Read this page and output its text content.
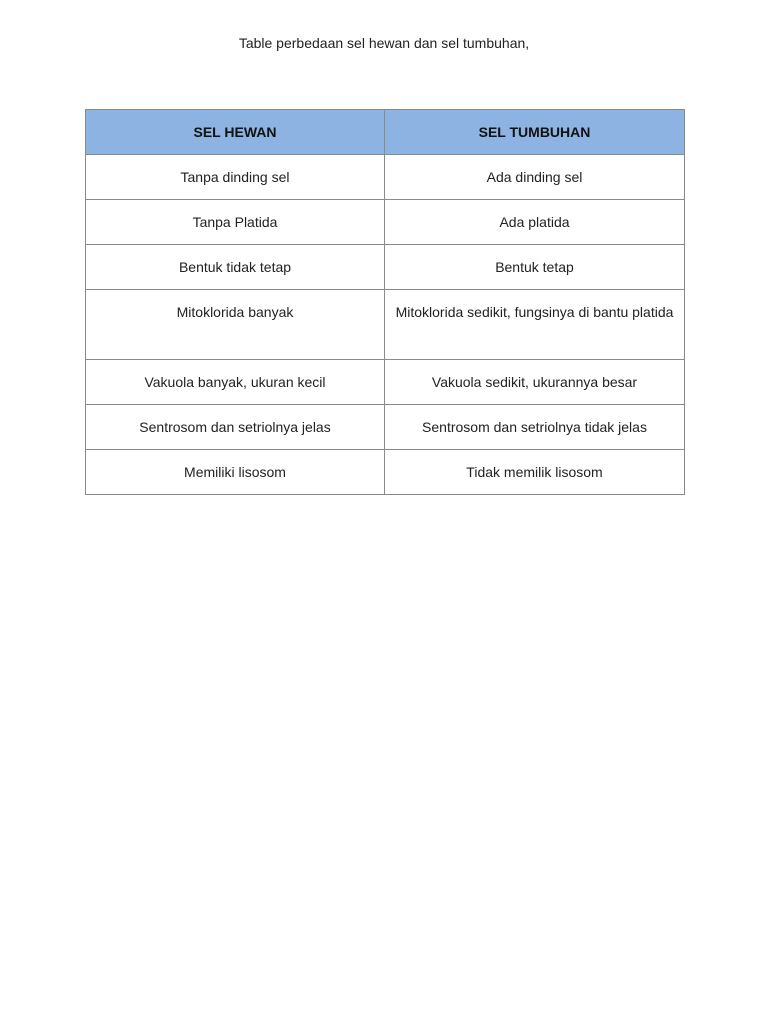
Table perbedaan sel hewan dan sel tumbuhan,
SEL HEWAN	SEL TUMBUHAN
Tanpa dinding sel	Ada dinding sel
Tanpa Platida	Ada platida
Bentuk tidak tetap	Bentuk tetap
Mitoklorida banyak	Mitoklorida sedikit, fungsinya di bantu platida
Vakuola banyak, ukuran kecil	Vakuola sedikit, ukurannya besar
Sentrosom dan setriolnya jelas	Sentrosom dan setriolnya tidak jelas
Memiliki lisosom	Tidak memilik lisosom
